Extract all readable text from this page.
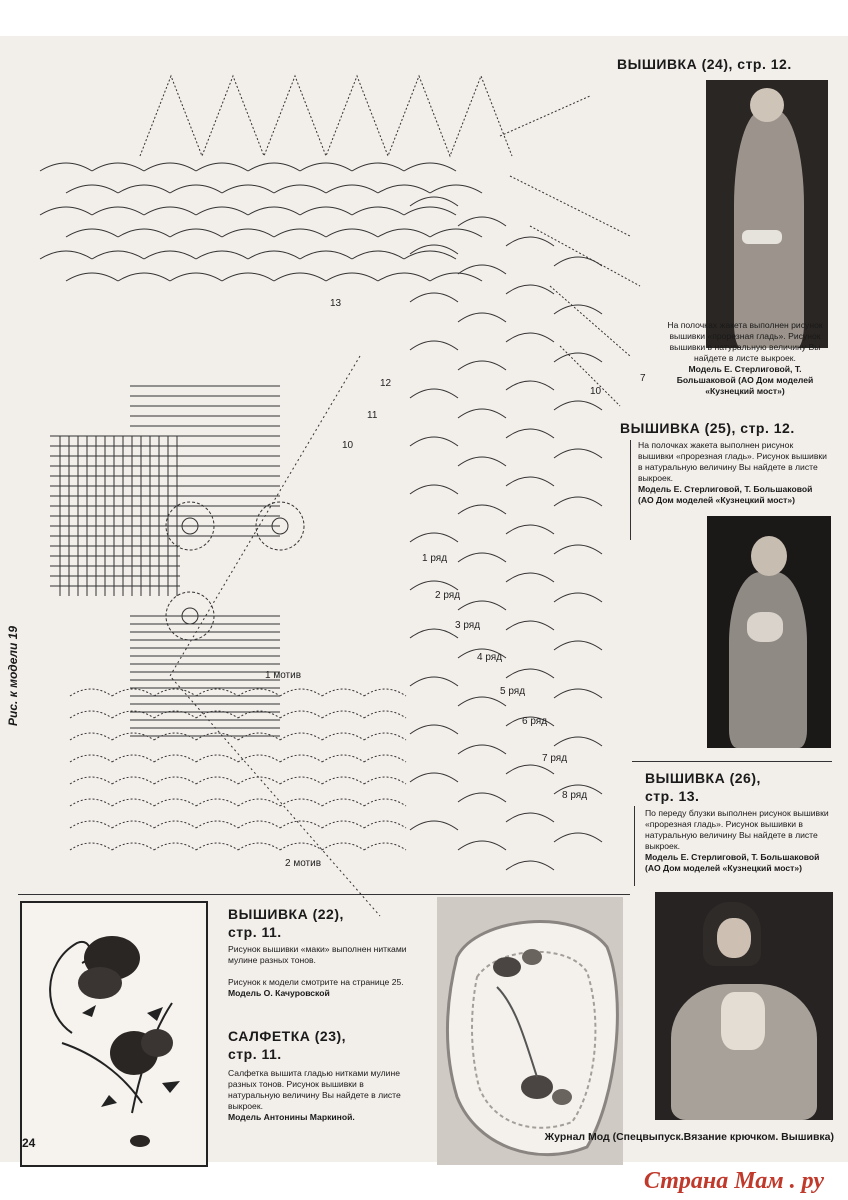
1 ряд
2 ряд
3 ряд
4 ряд
5 ряд
6 ряд
7 ряд
8 ряд
1 мотив
2 мотив
13
12
11
10
10
7
Рис. к модели 19
ВЫШИВКА (24), стр. 12.
На полочках жакета выполнен рисунок вышивки «прорезная гладь». Рисунок вышивки в натуральную величину Вы найдете в листе выкроек.
Модель Е. Стерлиговой, Т. Большаковой (АО Дом моделей «Кузнецкий мост»)
ВЫШИВКА (25), стр. 12.
На полочках жакета выполнен рисунок вышивки «прорезная гладь». Рисунок вышивки в натуральную величину Вы найдете в листе выкроек.
Модель Е. Стерлиговой, Т. Большаковой (АО Дом моделей «Кузнецкий мост»)
ВЫШИВКА (26),
стр. 13.
По переду блузки выполнен рисунок вышивки «прорезная гладь». Рисунок вышивки в натуральную величину Вы найдете в листе выкроек.
Модель Е. Стерлиговой, Т. Большаковой (АО Дом моделей «Кузнецкий мост»)
ВЫШИВКА (22),
стр. 11.
Рисунок вышивки «маки» выполнен нитками мулине разных тонов.

Рисунок к модели смотрите на странице 25.
Модель О. Качуровской
САЛФЕТКА (23),
стр. 11.
Салфетка вышита гладью нитками мулине разных тонов. Рисунок вышивки в натуральную величину Вы найдете в листе выкроек.
Модель Антонины Маркиной.
24	Журнал Мод (Спецвыпуск.Вязание крючком. Вышивка)
Страна Мам . ру
